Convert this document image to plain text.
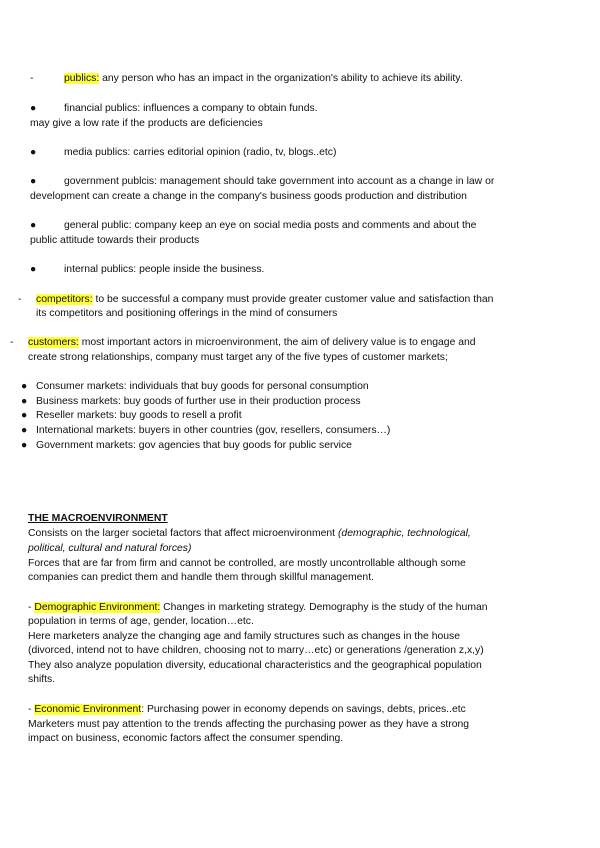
-	publics: any person who has an impact in the organization's ability to achieve its ability.
●	financial publics: influences a company to obtain funds.
may give a low rate if the products are deficiencies
●	media publics: carries editorial opinion (radio, tv, blogs..etc)
●	government publcis: management should take government into account as a change in law or
development can create a change in the company's business goods production and distribution
●	general public: company keep an eye on social media posts and comments and about the
public attitude towards their products
●	internal publics: people inside the business.
- competitors: to be successful a company must provide greater customer value and satisfaction than
its competitors and positioning offerings in the mind of consumers
- customers: most important actors in microenvironment, the aim of delivery value is to engage and
create strong relationships, company must target any of the five types of customer markets;
● Consumer markets: individuals that buy goods for personal consumption
● Business markets: buy goods of further use in their production process
● Reseller markets: buy goods to resell a profit
● International markets: buyers in other countries (gov, resellers, consumers…)
● Government markets: gov agencies that buy goods for public service
THE MACROENVIRONMENT
Consists on the larger societal factors that affect microenvironment (demographic, technological,
political, cultural and natural forces)
Forces that are far from firm and cannot be controlled, are mostly uncontrollable although some
companies can predict them and handle them through skillful management.
- Demographic Environment: Changes in marketing strategy. Demography is the study of the human
population in terms of age, gender, location…etc.
Here marketers analyze the changing age and family structures such as changes in the house
(divorced, intend not to have children, choosing not to marry…etc) or generations /generation z,x,y)
They also analyze population diversity, educational characteristics and the geographical population
shifts.
- Economic Environment: Purchasing power in economy depends on savings, debts, prices..etc
Marketers must pay attention to the trends affecting the purchasing power as they have a strong
impact on business, economic factors affect the consumer spending.
